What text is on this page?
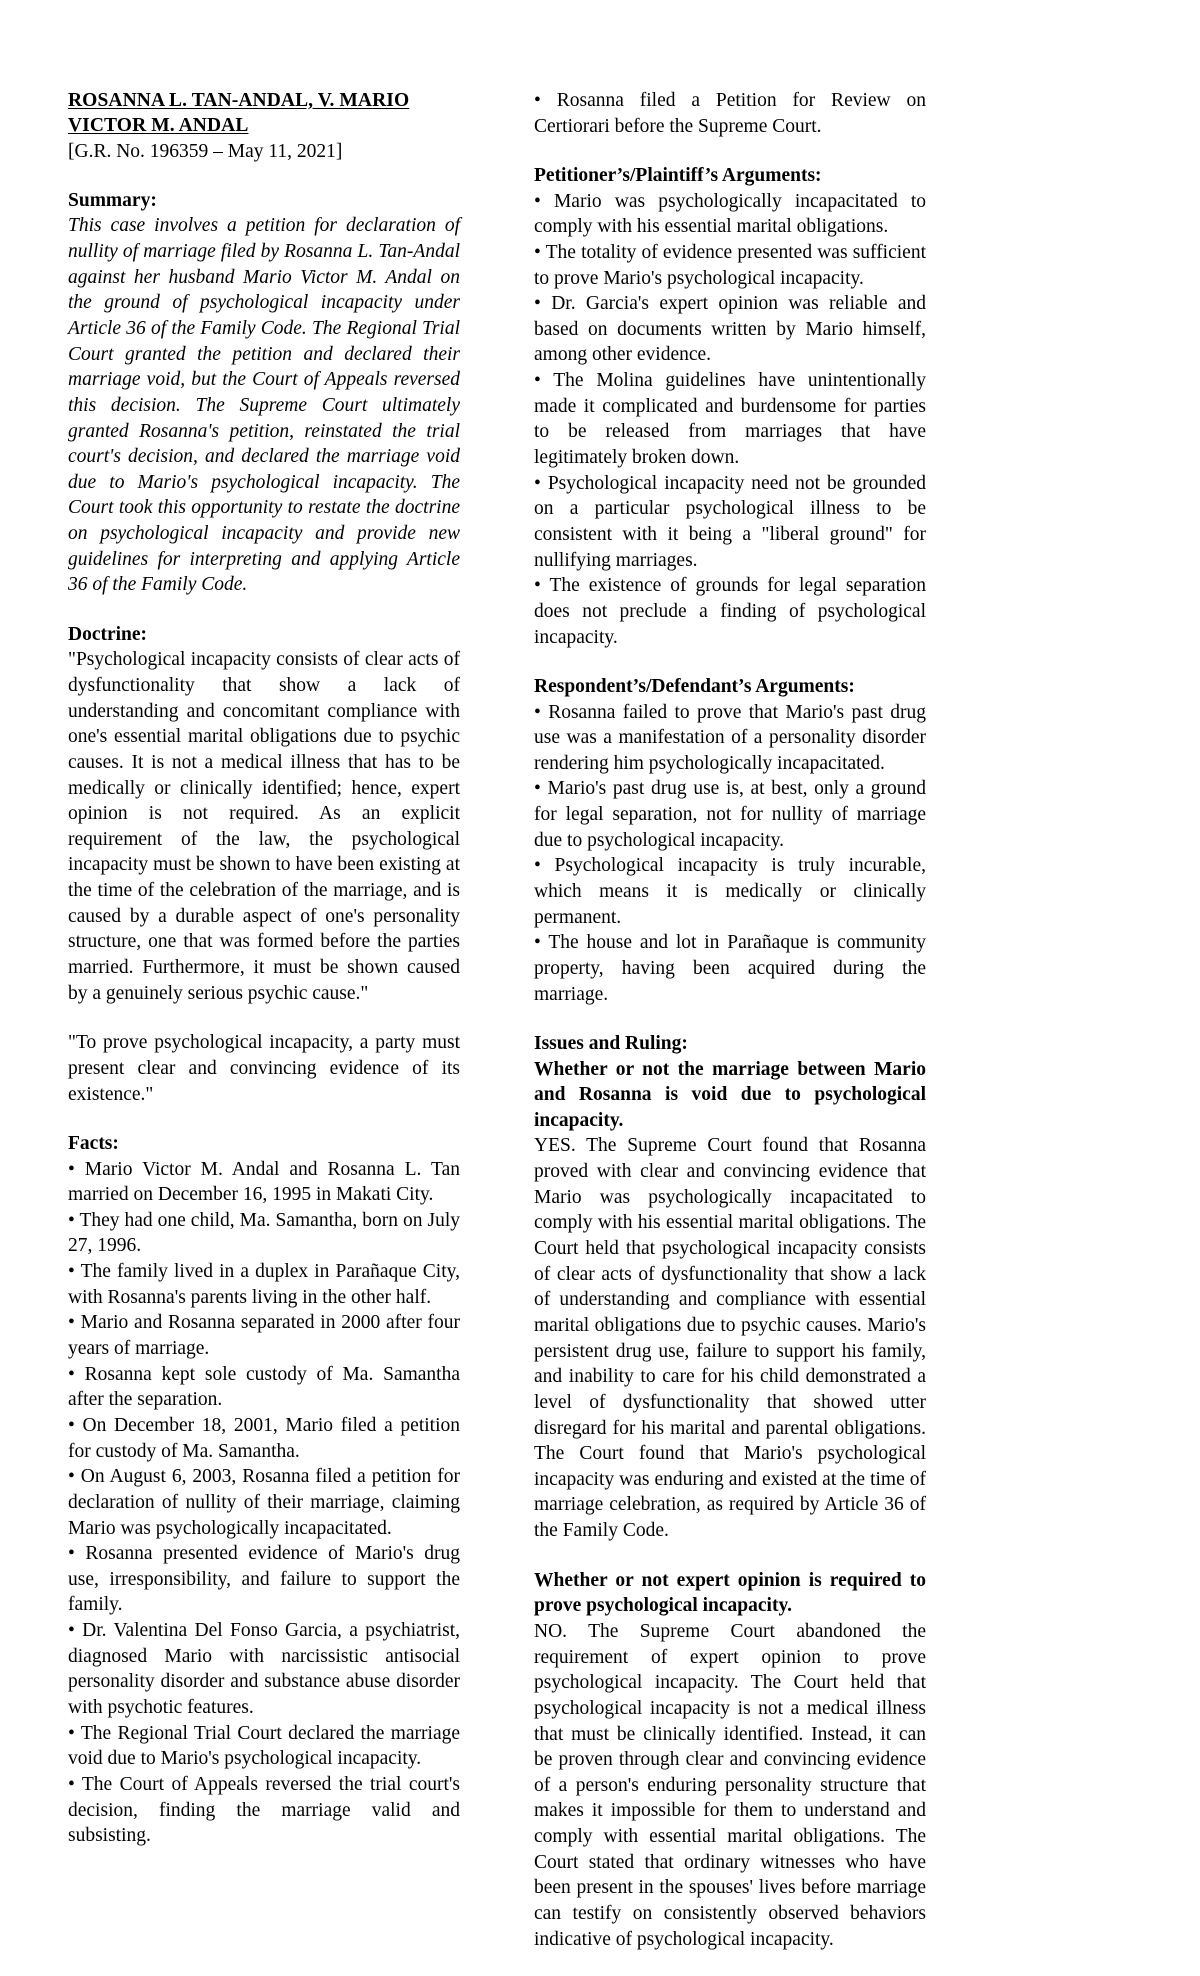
ROSANNA L. TAN-ANDAL, V. MARIO VICTOR M. ANDAL
[G.R. No. 196359 – May 11, 2021]
Summary:

This case involves a petition for declaration of nullity of marriage filed by Rosanna L. Tan-Andal against her husband Mario Victor M. Andal on the ground of psychological incapacity under Article 36 of the Family Code. The Regional Trial Court granted the petition and declared their marriage void, but the Court of Appeals reversed this decision. The Supreme Court ultimately granted Rosanna's petition, reinstated the trial court's decision, and declared the marriage void due to Mario's psychological incapacity. The Court took this opportunity to restate the doctrine on psychological incapacity and provide new guidelines for interpreting and applying Article 36 of the Family Code.

Doctrine:

"Psychological incapacity consists of clear acts of dysfunctionality that show a lack of understanding and concomitant compliance with one's essential marital obligations due to psychic causes. It is not a medical illness that has to be medically or clinically identified; hence, expert opinion is not required. As an explicit requirement of the law, the psychological incapacity must be shown to have been existing at the time of the celebration of the marriage, and is caused by a durable aspect of one's personality structure, one that was formed before the parties married. Furthermore, it must be shown caused by a genuinely serious psychic cause."

"To prove psychological incapacity, a party must present clear and convincing evidence of its existence."

Facts:
• Mario Victor M. Andal and Rosanna L. Tan married on December 16, 1995 in Makati City.
• They had one child, Ma. Samantha, born on July 27, 1996.
• The family lived in a duplex in Parañaque City, with Rosanna's parents living in the other half.
• Mario and Rosanna separated in 2000 after four years of marriage.
• Rosanna kept sole custody of Ma. Samantha after the separation.
• On December 18, 2001, Mario filed a petition for custody of Ma. Samantha.
• On August 6, 2003, Rosanna filed a petition for declaration of nullity of their marriage, claiming Mario was psychologically incapacitated.
• Rosanna presented evidence of Mario's drug use, irresponsibility, and failure to support the family.
• Dr. Valentina Del Fonso Garcia, a psychiatrist, diagnosed Mario with narcissistic antisocial personality disorder and substance abuse disorder with psychotic features.
• The Regional Trial Court declared the marriage void due to Mario's psychological incapacity.
• The Court of Appeals reversed the trial court's decision, finding the marriage valid and subsisting.
• Rosanna filed a Petition for Review on Certiorari before the Supreme Court.
Petitioner’s/Plaintiff’s Arguments:
• Mario was psychologically incapacitated to comply with his essential marital obligations.
• The totality of evidence presented was sufficient to prove Mario's psychological incapacity.
• Dr. Garcia's expert opinion was reliable and based on documents written by Mario himself, among other evidence.
• The Molina guidelines have unintentionally made it complicated and burdensome for parties to be released from marriages that have legitimately broken down.
• Psychological incapacity need not be grounded on a particular psychological illness to be consistent with it being a "liberal ground" for nullifying marriages.
• The existence of grounds for legal separation does not preclude a finding of psychological incapacity.
Respondent’s/Defendant’s Arguments:
• Rosanna failed to prove that Mario's past drug use was a manifestation of a personality disorder rendering him psychologically incapacitated.
• Mario's past drug use is, at best, only a ground for legal separation, not for nullity of marriage due to psychological incapacity.
• Psychological incapacity is truly incurable, which means it is medically or clinically permanent.
• The house and lot in Parañaque is community property, having been acquired during the marriage.
Issues and Ruling:

Whether or not the marriage between Mario and Rosanna is void due to psychological incapacity.

YES. The Supreme Court found that Rosanna proved with clear and convincing evidence that Mario was psychologically incapacitated to comply with his essential marital obligations. The Court held that psychological incapacity consists of clear acts of dysfunctionality that show a lack of understanding and compliance with essential marital obligations due to psychic causes. Mario's persistent drug use, failure to support his family, and inability to care for his child demonstrated a level of dysfunctionality that showed utter disregard for his marital and parental obligations. The Court found that Mario's psychological incapacity was enduring and existed at the time of marriage celebration, as required by Article 36 of the Family Code.

Whether or not expert opinion is required to prove psychological incapacity.

NO. The Supreme Court abandoned the requirement of expert opinion to prove psychological incapacity. The Court held that psychological incapacity is not a medical illness that must be clinically identified. Instead, it can be proven through clear and convincing evidence of a person's enduring personality structure that makes it impossible for them to understand and comply with essential marital obligations. The Court stated that ordinary witnesses who have been present in the spouses' lives before marriage can testify on consistently observed behaviors indicative of psychological incapacity.
